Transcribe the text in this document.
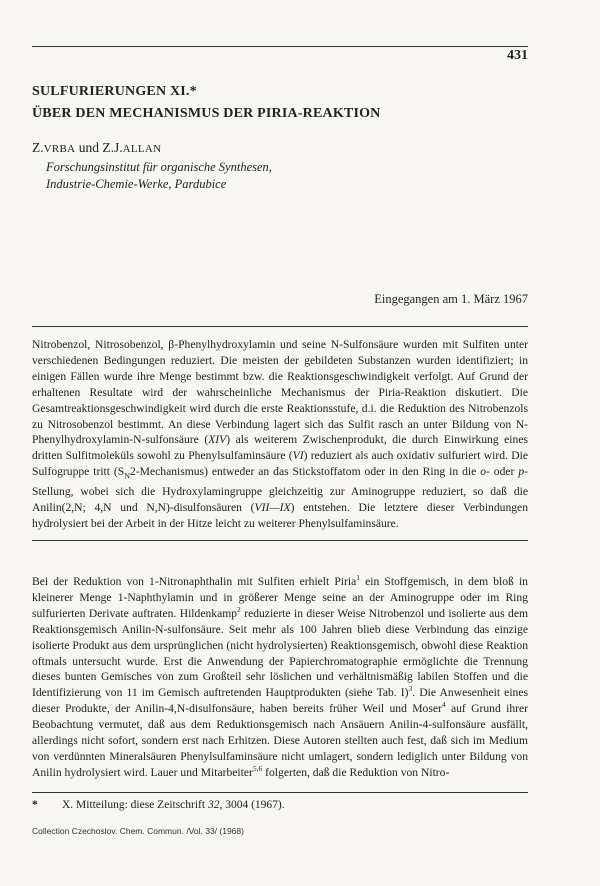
431
SULFURIERUNGEN XI.*
ÜBER DEN MECHANISMUS DER PIRIA-REAKTION
Z.VRBA und Z.J.ALLAN
Forschungsinstitut für organische Synthesen,
Industrie-Chemie-Werke, Pardubice
Eingegangen am 1. März 1967

Nitrobenzol, Nitrosobenzol, β-Phenylhydroxylamin und seine N-Sulfonsäure wurden mit Sulfiten unter verschiedenen Bedingungen reduziert. Die meisten der gebildeten Substanzen wurden identifiziert; in einigen Fällen wurde ihre Menge bestimmt bzw. die Reaktionsgeschwindigkeit verfolgt. Auf Grund der erhaltenen Resultate wird der wahrscheinliche Mechanismus der Piria-Reaktion diskutiert. Die Gesamtreaktionsgeschwindigkeit wird durch die erste Reaktionsstufe, d.i. die Reduktion des Nitrobenzols zu Nitrosobenzol bestimmt. An diese Verbindung lagert sich das Sulfit rasch an unter Bildung von N-Phenylhydroxylamin-N-sulfonsäure (XIV) als weiterem Zwischenprodukt, die durch Einwirkung eines dritten Sulfitmoleküls sowohl zu Phenylsulfaminsäure (VI) reduziert als auch oxidativ sulfuriert wird. Die Sulfogruppe tritt $(S_N2-Mechanismus)$ entweder an das Stickstoffatom oder in den Ring in die o- oder p-Stellung, wobei sich die Hydroxylamingruppe gleichzeitig zur Aminogruppe reduziert, so daß die Anilin(2,N; 4,N und N,N)-disulfonsäuren (VII—IX) entstehen. Die letztere dieser Verbindungen hydrolysiert bei der Arbeit in der Hitze leicht zu weiterer Phenylsulfaminsäure.

Bei der Reduktion von 1-Nitronaphthalin mit Sulfiten erhielt Piria$^1$ ein Stoffgemisch, in dem bloß in kleinerer Menge 1-Naphthylamin und in größerer Menge seine an der Aminogruppe oder im Ring sulfurierten Derivate auftraten. Hildenkamp$^2$ reduzierte in dieser Weise Nitrobenzol und isolierte aus dem Reaktionsgemisch Anilin-N-sulfonsäure. Seit mehr als 100 Jahren blieb diese Verbindung das einzige isolierte Produkt aus dem ursprünglichen (nicht hydrolysierten) Reaktionsgemisch, obwohl diese Reaktion oftmals untersucht wurde. Erst die Anwendung der Papierchromatographie ermöglichte die Trennung dieses bunten Gemisches von zum Großteil sehr löslichen und verhältnismäßig labilen Stoffen und die Identifizierung von 11 im Gemisch auftretenden Hauptprodukten (siehe Tab. I)$^3$. Die Anwesenheit eines dieser Produkte, der Anilin-4,N-disulfonsäure, haben bereits früher Weil und Moser$^4$ auf Grund ihrer Beobachtung vermutet, daß aus dem Reduktionsgemisch nach Ansäuern Anilin-4-sulfonsäure ausfällt, allerdings nicht sofort, sondern erst nach Erhitzen. Diese Autoren stellten auch fest, daß sich im Medium von verdünnten Mineralsäuren Phenylsulfaminsäure nicht umlagert, sondern lediglich unter Bildung von Anilin hydrolysiert wird. Lauer und Mitarbeiter$^{5,6}$ folgerten, daß die Reduktion von Nitro-

* X. Mitteilung: diese Zeitschrift 32, 3004 (1967).
Collection Czechoslov. Chem. Commun. /Vol. 33/ (1968)
